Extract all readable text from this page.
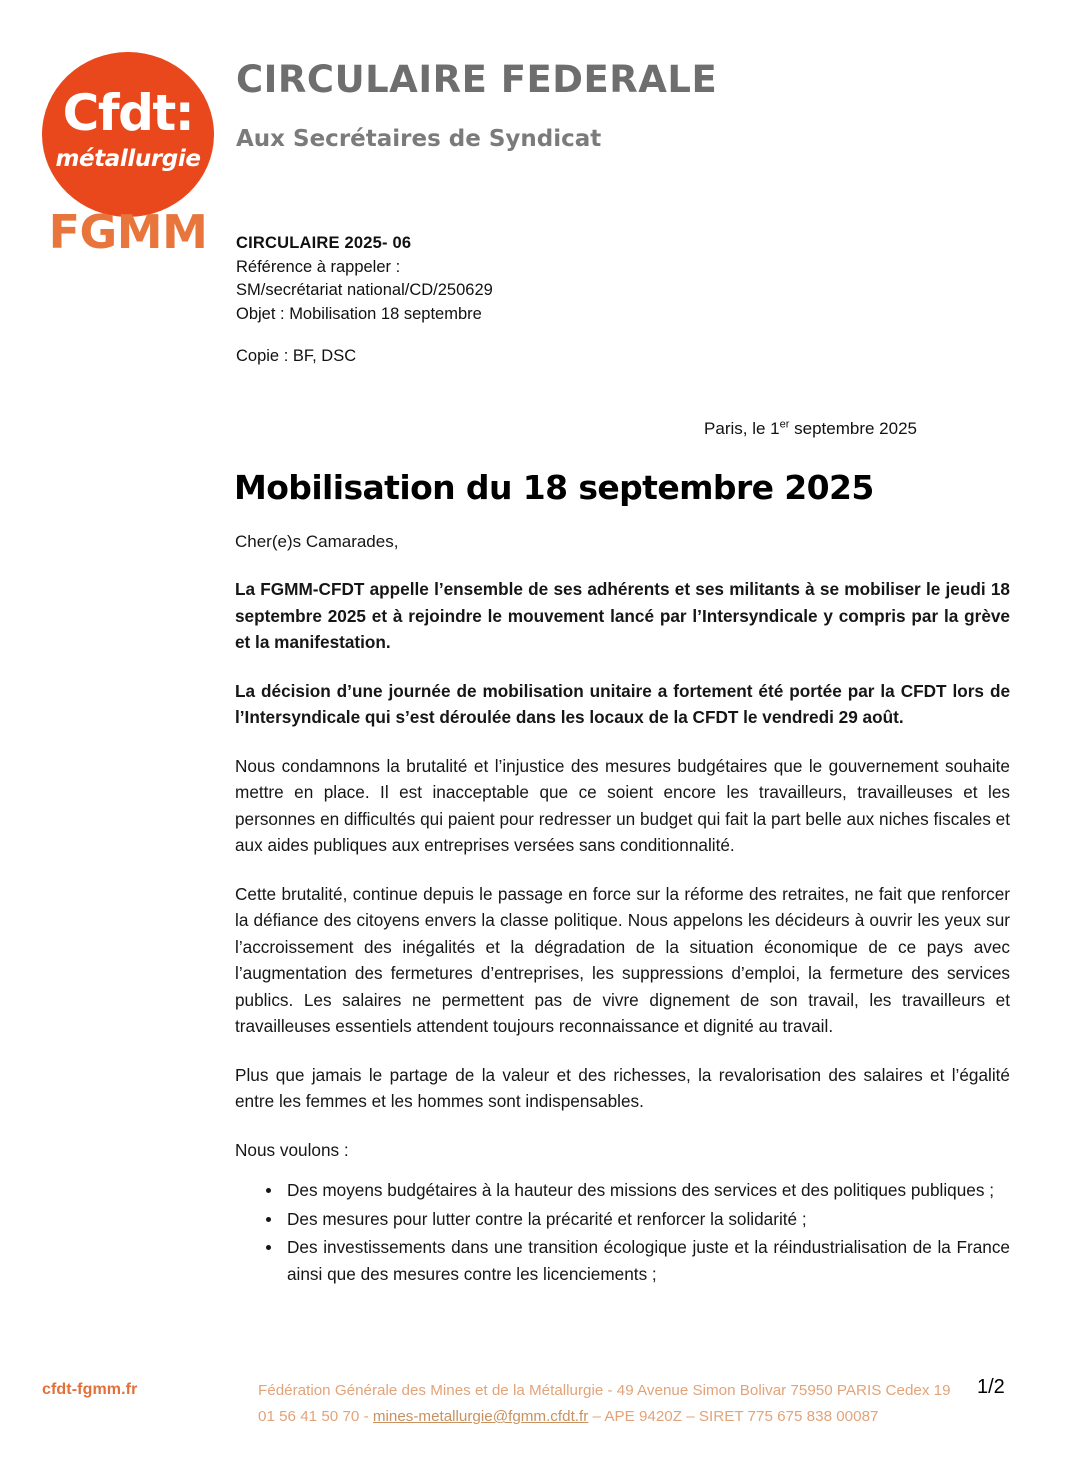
Cfdt:
métallurgie
FGMM
CIRCULAIRE FEDERALE
Aux Secrétaires de Syndicat
CIRCULAIRE 2025- 06
Référence à rappeler :
SM/secrétariat national/CD/250629
Objet : Mobilisation 18 septembre
Copie : BF, DSC
Paris, le 1er septembre 2025
Mobilisation du 18 septembre 2025
Cher(e)s Camarades,

La FGMM-CFDT appelle l’ensemble de ses adhérents et ses militants à se mobiliser le jeudi 18 septembre 2025 et à rejoindre le mouvement lancé par l’Intersyndicale y compris par la grève et la manifestation.

La décision d’une journée de mobilisation unitaire a fortement été portée par la CFDT lors de l’Intersyndicale qui s’est déroulée dans les locaux de la CFDT le vendredi 29 août.

Nous condamnons la brutalité et l’injustice des mesures budgétaires que le gouvernement souhaite mettre en place. Il est inacceptable que ce soient encore les travailleurs, travailleuses et les personnes en difficultés qui paient pour redresser un budget qui fait la part belle aux niches fiscales et aux aides publiques aux entreprises versées sans conditionnalité.

Cette brutalité, continue depuis le passage en force sur la réforme des retraites, ne fait que renforcer la défiance des citoyens envers la classe politique. Nous appelons les décideurs à ouvrir les yeux sur l’accroissement des inégalités et la dégradation de la situation économique de ce pays avec l’augmentation des fermetures d’entreprises, les suppressions d’emploi, la fermeture des services publics. Les salaires ne permettent pas de vivre dignement de son travail, les travailleurs et travailleuses essentiels attendent toujours reconnaissance et dignité au travail.

Plus que jamais le partage de la valeur et des richesses, la revalorisation des salaires et l’égalité entre les femmes et les hommes sont indispensables.

Nous voulons :

Des moyens budgétaires à la hauteur des missions des services et des politiques publiques ;
Des mesures pour lutter contre la précarité et renforcer la solidarité ;
Des investissements dans une transition écologique juste et la réindustrialisation de la France ainsi que des mesures contre les licenciements ;
cfdt-fgmm.fr	Fédération Générale des Mines et de la Métallurgie - 49 Avenue Simon Bolivar 75950 PARIS Cedex 19
01 56 41 50 70 - mines-metallurgie@fgmm.cfdt.fr – APE 9420Z – SIRET 775 675 838 00087
1/2
